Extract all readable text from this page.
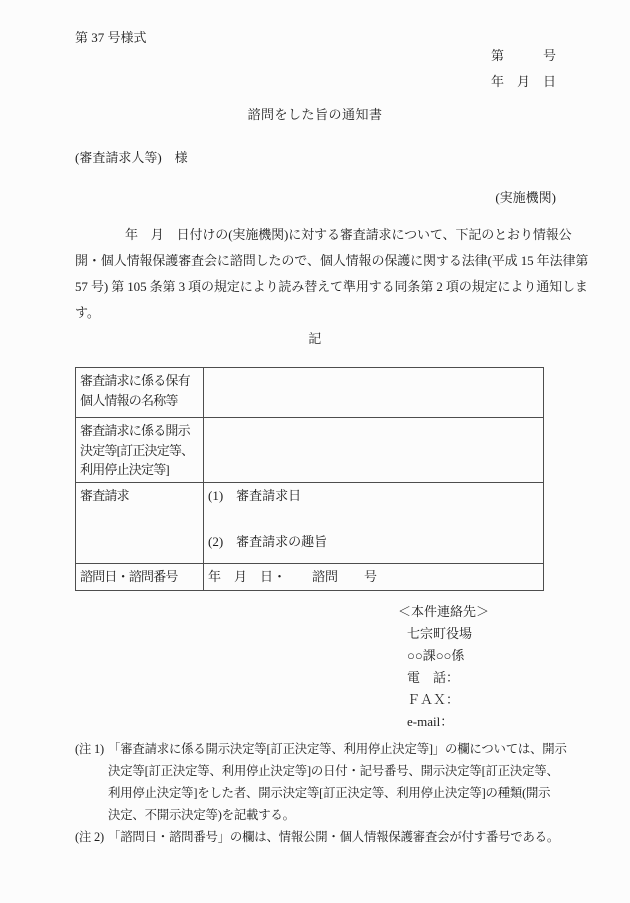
第 37 号様式
第　　　号
年　月　日
諮問をした旨の通知書
(審査請求人等)　様
(実施機関)
年　月　日付けの(実施機関)に対する審査請求について、下記のとおり情報公
開・個人情報保護審査会に諮問したので、個人情報の保護に関する法律(平成 15 年法律第
57 号) 第 105 条第 3 項の規定により読み替えて準用する同条第 2 項の規定により通知しま
す。
記
審査請求に係る保有個人情報の名称等	
審査請求に係る開示決定等[訂正決定等、利用停止決定等]	
審査請求	(1)　審査請求日
(2)　審査請求の趣旨

諮問日・諮問番号	年　月　日・　　諮問　　号
＜本件連絡先＞
七宗町役場
○○課○○係
電　話：
ＦＡＸ：
e-mail：
(注 1) 「審査請求に係る開示決定等[訂正決定等、利用停止決定等]」の欄については、開示
決定等[訂正決定等、利用停止決定等]の日付・記号番号、開示決定等[訂正決定等、
利用停止決定等]をした者、開示決定等[訂正決定等、利用停止決定等]の種類(開示
決定、不開示決定等)を記載する。
(注 2) 「諮問日・諮問番号」の欄は、情報公開・個人情報保護審査会が付す番号である。
